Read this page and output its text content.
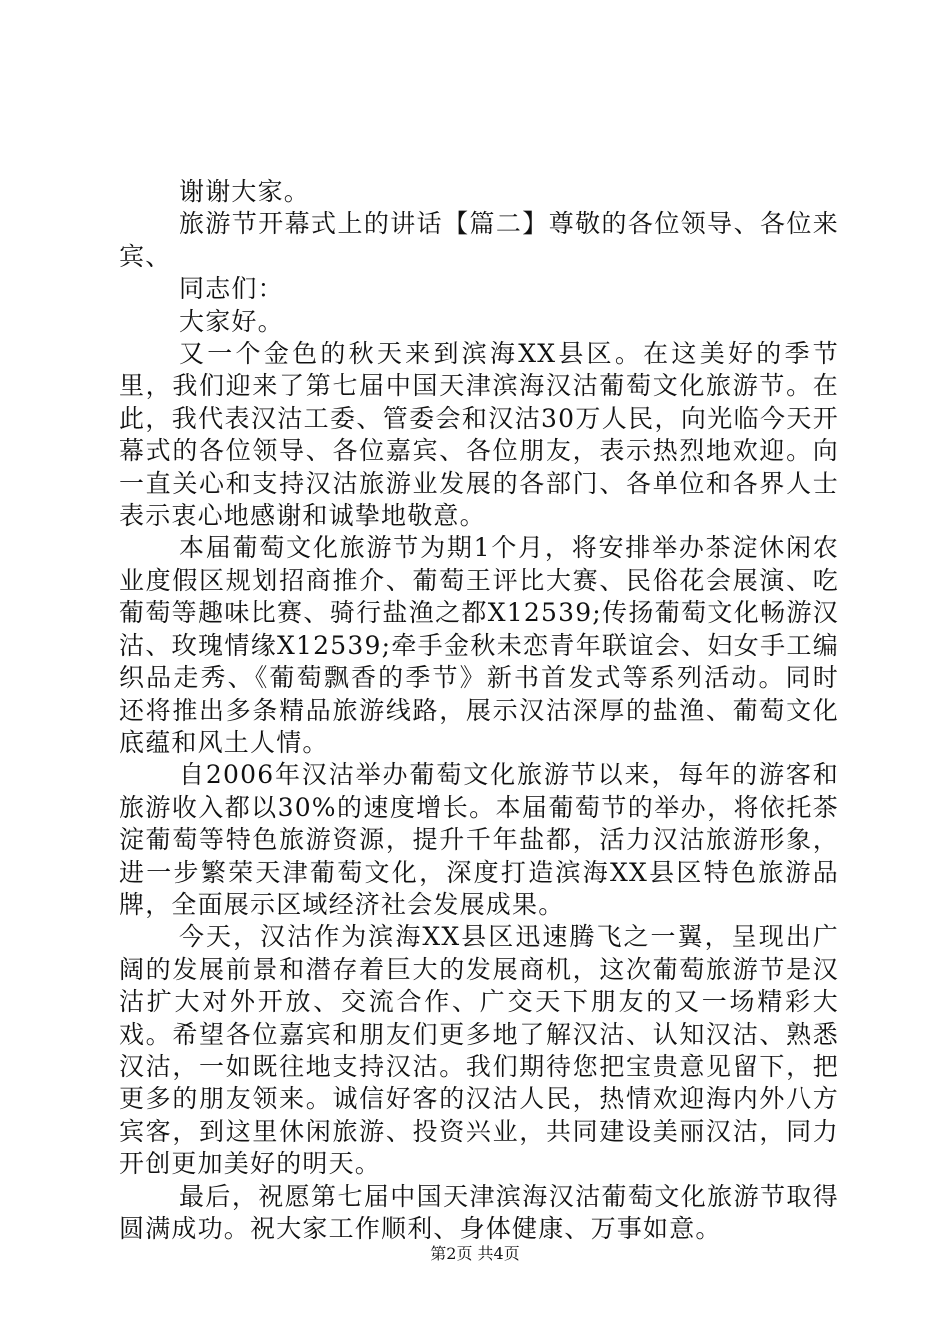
谢谢大家。

旅游节开幕式上的讲话【篇二】尊敬的各位领导、各位来宾、

同志们：

大家好。

又一个金色的秋天来到滨海XX县区。在这美好的季节里，我们迎来了第七届中国天津滨海汉沽葡萄文化旅游节。在此，我代表汉沽工委、管委会和汉沽30万人民，向光临今天开幕式的各位领导、各位嘉宾、各位朋友，表示热烈地欢迎。向一直关心和支持汉沽旅游业发展的各部门、各单位和各界人士表示衷心地感谢和诚挚地敬意。

本届葡萄文化旅游节为期1个月，将安排举办茶淀休闲农业度假区规划招商推介、葡萄王评比大赛、民俗花会展演、吃葡萄等趣味比赛、骑行盐渔之都X12539;传扬葡萄文化畅游汉沽、玫瑰情缘X12539;牵手金秋未恋青年联谊会、妇女手工编织品走秀、《葡萄飘香的季节》新书首发式等系列活动。同时还将推出多条精品旅游线路，展示汉沽深厚的盐渔、葡萄文化底蕴和风土人情。

自2006年汉沽举办葡萄文化旅游节以来，每年的游客和旅游收入都以30%的速度增长。本届葡萄节的举办，将依托茶淀葡萄等特色旅游资源，提升千年盐都，活力汉沽旅游形象，进一步繁荣天津葡萄文化，深度打造滨海XX县区特色旅游品牌，全面展示区域经济社会发展成果。

今天，汉沽作为滨海XX县区迅速腾飞之一翼，呈现出广阔的发展前景和潜存着巨大的发展商机，这次葡萄旅游节是汉沽扩大对外开放、交流合作、广交天下朋友的又一场精彩大戏。希望各位嘉宾和朋友们更多地了解汉沽、认知汉沽、熟悉汉沽，一如既往地支持汉沽。我们期待您把宝贵意见留下，把更多的朋友领来。诚信好客的汉沽人民，热情欢迎海内外八方宾客，到这里休闲旅游、投资兴业，共同建设美丽汉沽，同力开创更加美好的明天。

最后，祝愿第七届中国天津滨海汉沽葡萄文化旅游节取得圆满成功。祝大家工作顺利、身体健康、万事如意。

第2页 共4页
